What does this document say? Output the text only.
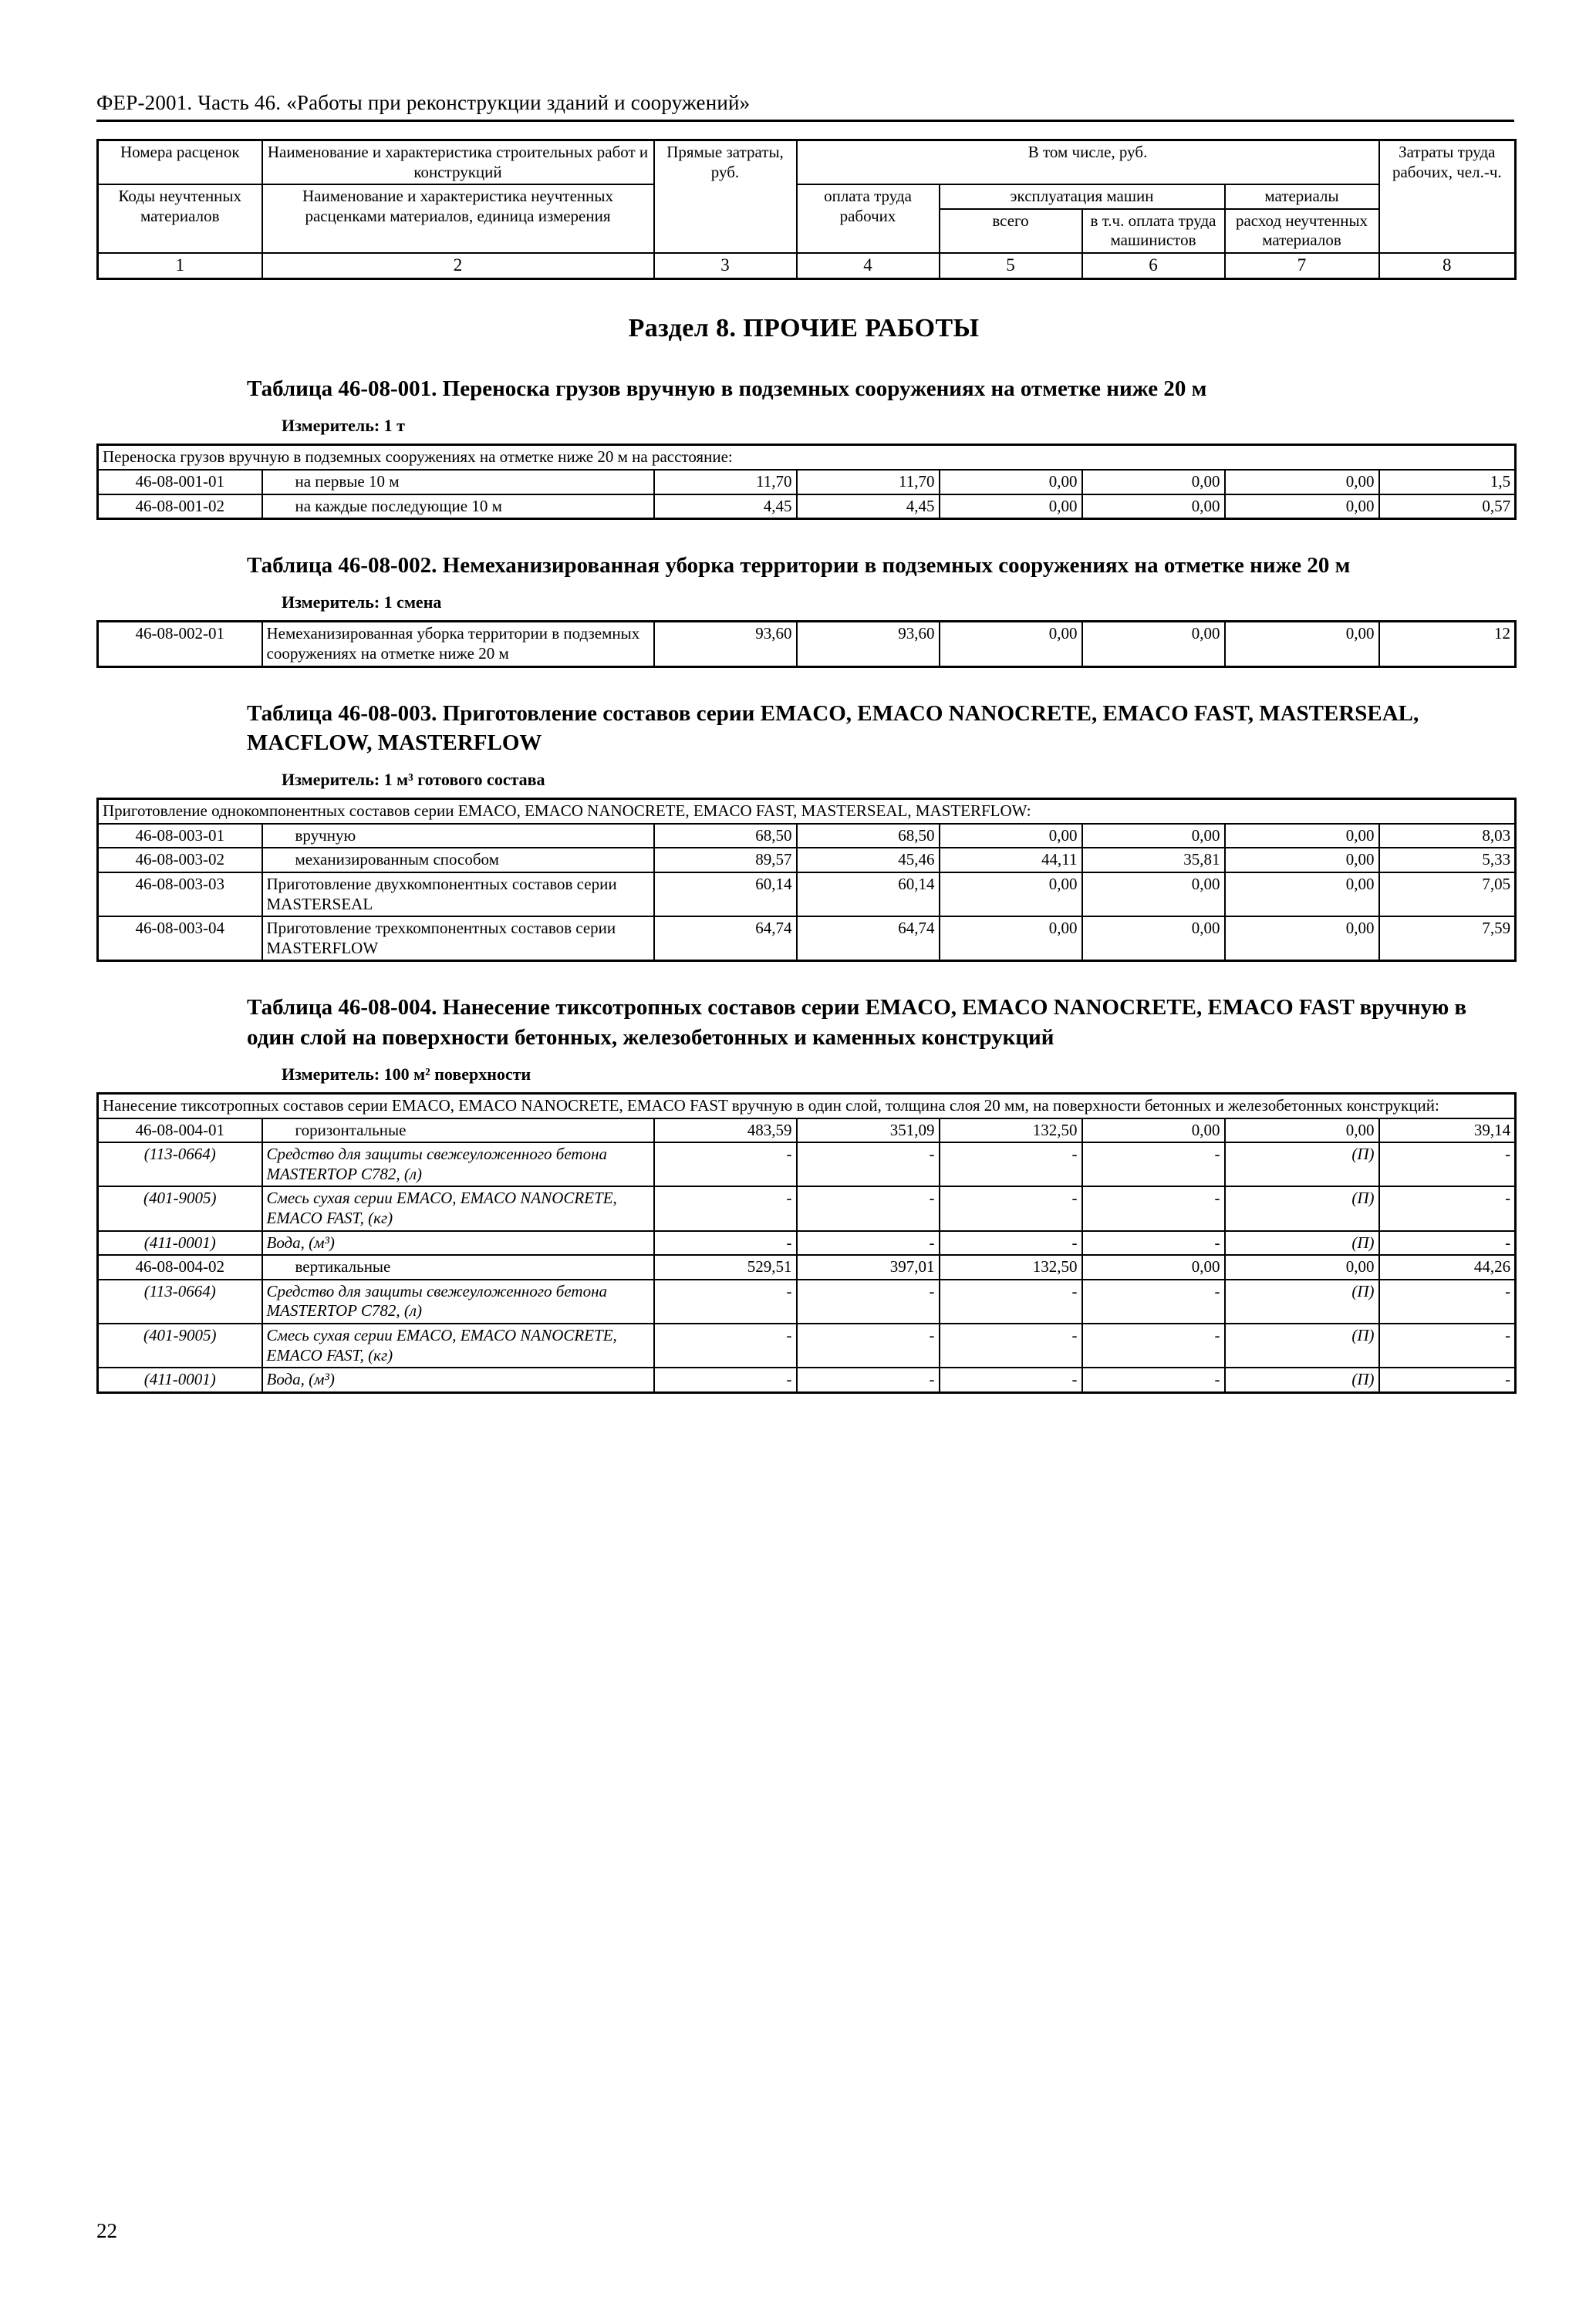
ФЕР-2001. Часть 46. «Работы при реконструкции зданий и сооружений»
Номера расценок	Наименование и характеристика строительных работ и конструкций	Прямые затраты, руб.	В том числе, руб.				Затраты труда рабочих, чел.-ч.
Коды неучтенных материалов	Наименование и характеристика неучтенных расценками материалов, единица измерения		оплата труда рабочих	эксплуатация машин		материалы	
				всего	в т.ч. оплата труда машинистов	расход неучтенных материалов	
1	2	3	4	5	6	7	8
Раздел 8. ПРОЧИЕ РАБОТЫ
Таблица 46-08-001. Переноска грузов вручную в подземных сооружениях на отметке ниже 20 м
Измеритель: 1 т
Переноска грузов вручную в подземных сооружениях на отметке ниже 20 м на расстояние:							
46-08-001-01	на первые 10 м	11,70	11,70	0,00	0,00	0,00	1,5
46-08-001-02	на каждые последующие 10 м	4,45	4,45	0,00	0,00	0,00	0,57
Таблица 46-08-002. Немеханизированная уборка территории в подземных сооружениях на отметке ниже 20 м
Измеритель: 1 смена
46-08-002-01	Немеханизированная уборка территории в подземных сооружениях на отметке ниже 20 м	93,60	93,60	0,00	0,00	0,00	12
Таблица 46-08-003. Приготовление составов серии EMACO, EMACO NANOCRETE, EMACO FAST, MASTERSEAL, MACFLOW, MASTERFLOW
Измеритель: 1 м³ готового состава
Приготовление однокомпонентных составов серии EMACO, EMACO NANOCRETE, EMACO FAST, MASTERSEAL, MASTERFLOW:							
46-08-003-01	вручную	68,50	68,50	0,00	0,00	0,00	8,03
46-08-003-02	механизированным способом	89,57	45,46	44,11	35,81	0,00	5,33
46-08-003-03	Приготовление двухкомпонентных составов серии MASTERSEAL	60,14	60,14	0,00	0,00	0,00	7,05
46-08-003-04	Приготовление трехкомпонентных составов серии MASTERFLOW	64,74	64,74	0,00	0,00	0,00	7,59
Таблица 46-08-004. Нанесение тиксотропных составов серии EMACO, EMACO NANOCRETE, EMACO FAST вручную в один слой на поверхности бетонных, железобетонных и каменных конструкций
Измеритель: 100 м² поверхности
Нанесение тиксотропных составов серии EMACO, EMACO NANOCRETE, EMACO FAST вручную в один слой, толщина слоя 20 мм, на поверхности бетонных и железобетонных конструкций:							
46-08-004-01	горизонтальные	483,59	351,09	132,50	0,00	0,00	39,14
(113-0664)	Средство для защиты свежеуложенного бетона MASTERTOP C782, (л)	-	-	-	-	(П)	-
(401-9005)	Смесь сухая серии EMACO, EMACO NANOCRETE, EMACO FAST, (кг)	-	-	-	-	(П)	-
(411-0001)	Вода, (м³)	-	-	-	-	(П)	-
46-08-004-02	вертикальные	529,51	397,01	132,50	0,00	0,00	44,26
(113-0664)	Средство для защиты свежеуложенного бетона MASTERTOP C782, (л)	-	-	-	-	(П)	-
(401-9005)	Смесь сухая серии EMACO, EMACO NANOCRETE, EMACO FAST, (кг)	-	-	-	-	(П)	-
(411-0001)	Вода, (м³)	-	-	-	-	(П)	-
22
